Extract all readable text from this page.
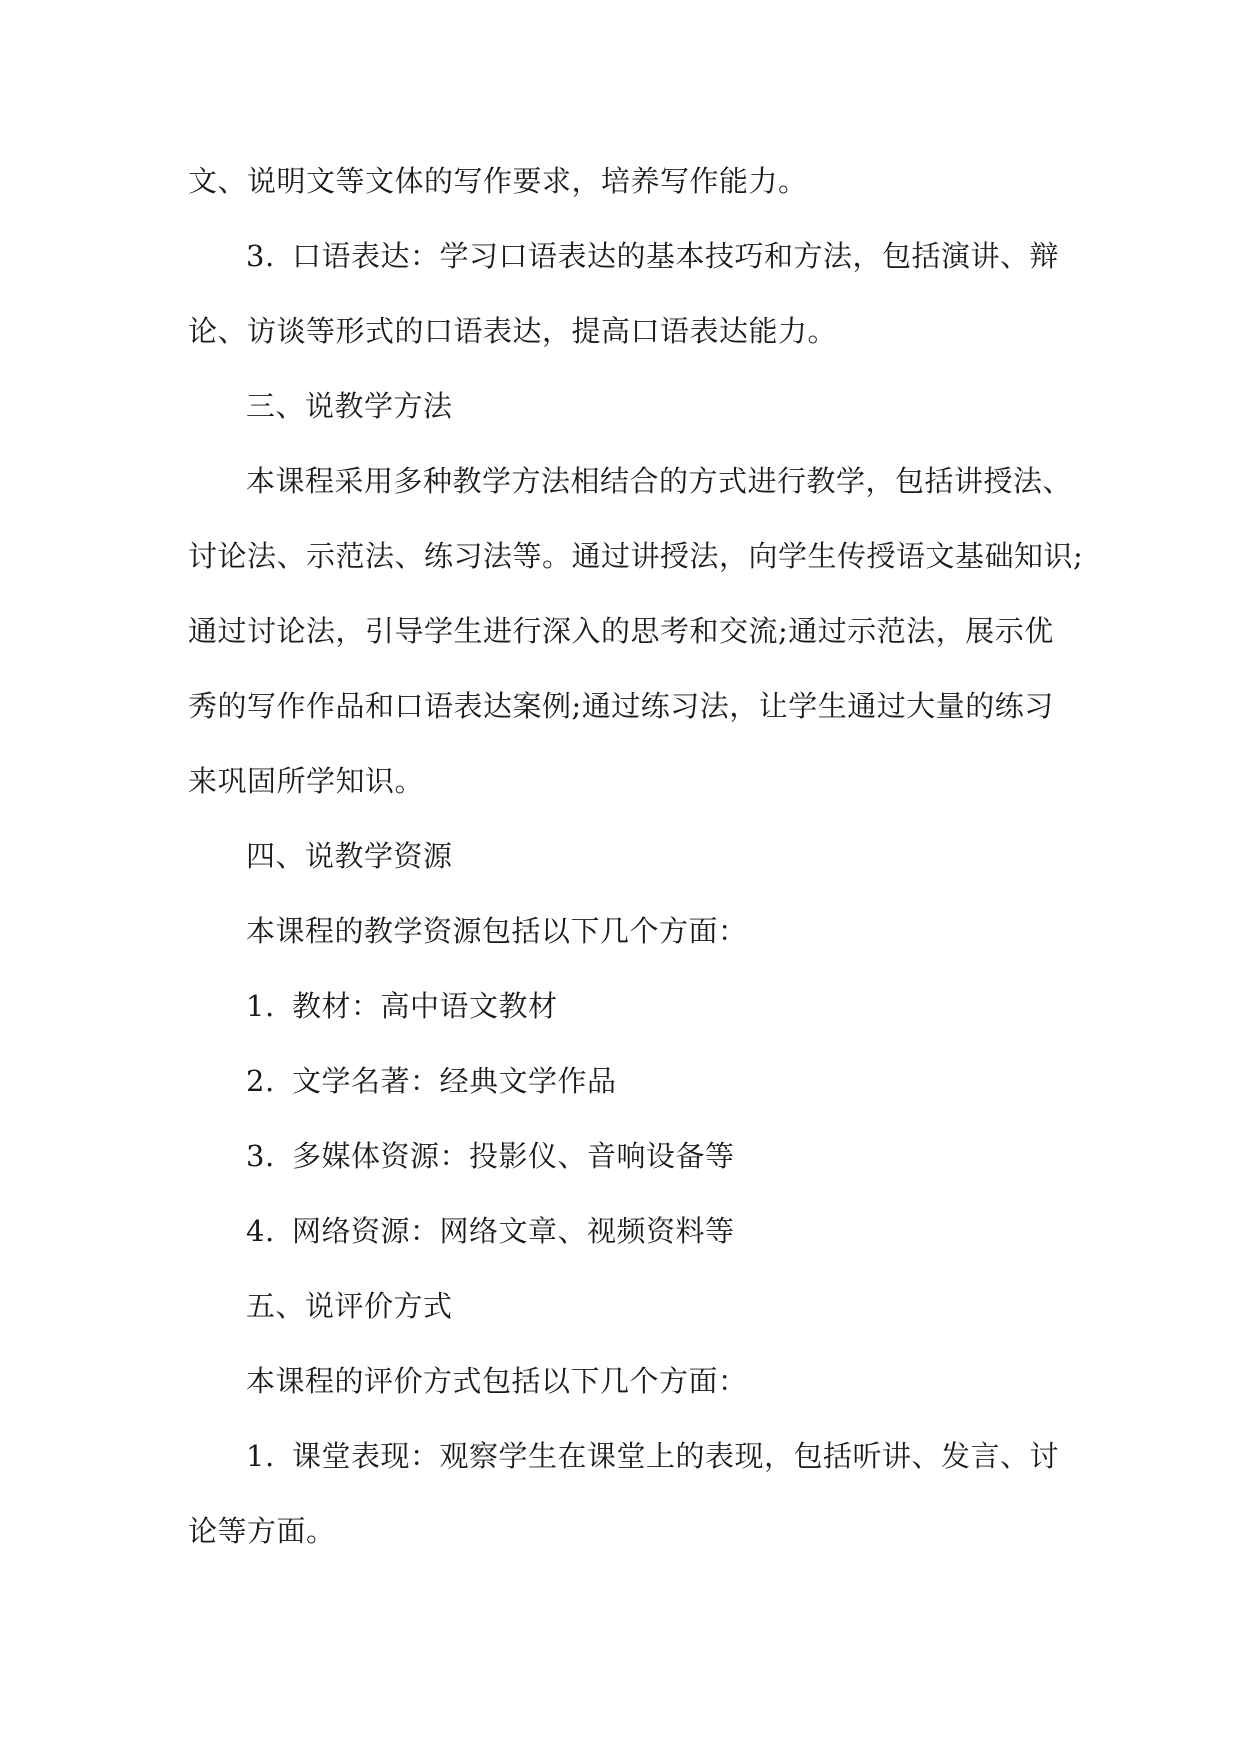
文、说明文等文体的写作要求，培养写作能力。
3. 口语表达：学习口语表达的基本技巧和方法，包括演讲、辩
论、访谈等形式的口语表达，提高口语表达能力。
三、说教学方法
本课程采用多种教学方法相结合的方式进行教学，包括讲授法、
讨论法、示范法、练习法等。通过讲授法，向学生传授语文基础知识;
通过讨论法，引导学生进行深入的思考和交流;通过示范法，展示优
秀的写作作品和口语表达案例;通过练习法，让学生通过大量的练习
来巩固所学知识。
四、说教学资源
本课程的教学资源包括以下几个方面：
1. 教材：高中语文教材
2. 文学名著：经典文学作品
3. 多媒体资源：投影仪、音响设备等
4. 网络资源：网络文章、视频资料等
五、说评价方式
本课程的评价方式包括以下几个方面：
1. 课堂表现：观察学生在课堂上的表现，包括听讲、发言、讨
论等方面。
